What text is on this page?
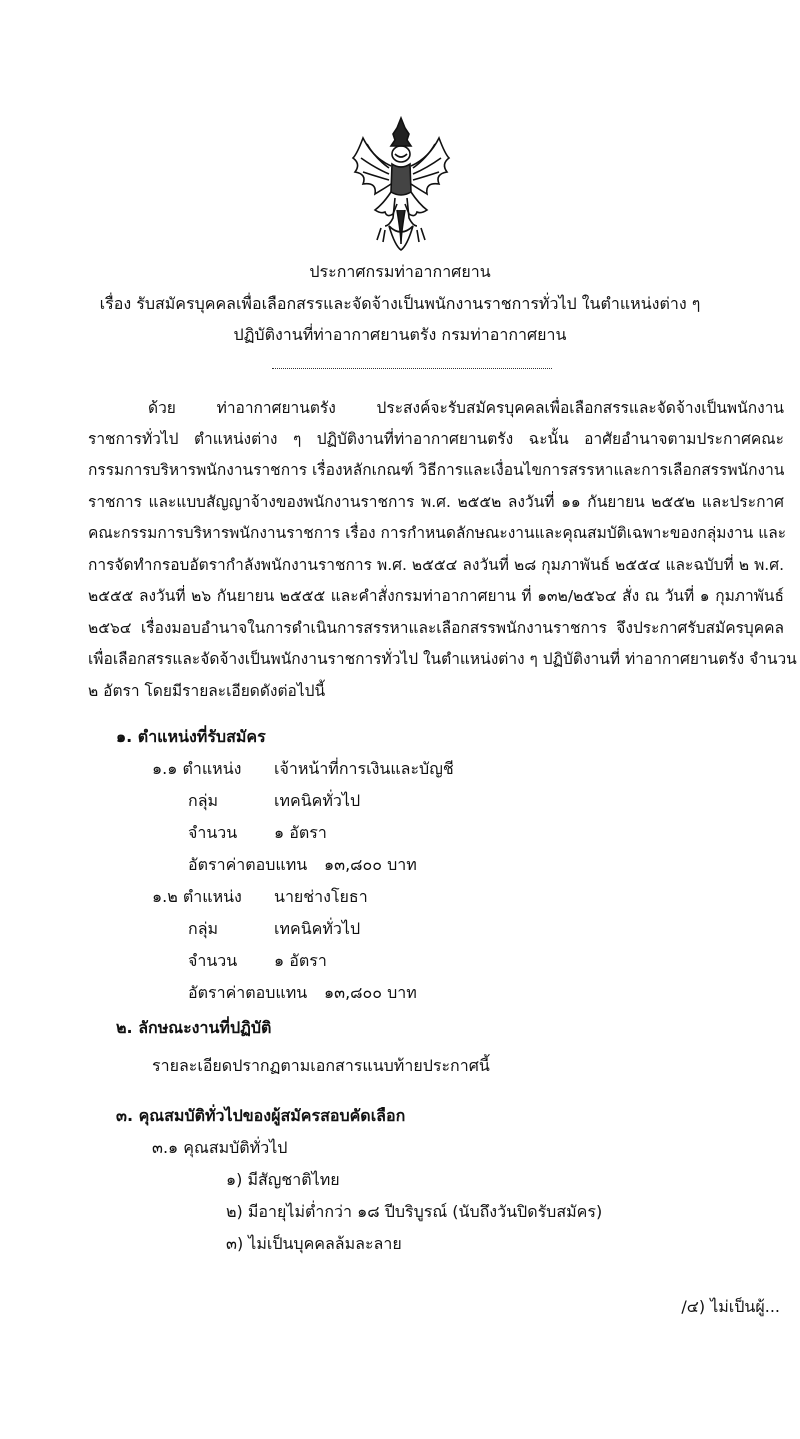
ประกาศกรมท่าอากาศยาน
เรื่อง รับสมัครบุคคลเพื่อเลือกสรรและจัดจ้างเป็นพนักงานราชการทั่วไป ในตำแหน่งต่าง ๆ
ปฏิบัติงานที่ท่าอากาศยานตรัง กรมท่าอากาศยาน
ด้วย ท่าอากาศยานตรัง ประสงค์จะรับสมัครบุคคลเพื่อเลือกสรรและจัดจ้างเป็นพนักงาน
ราชการทั่วไป ตำแหน่งต่าง ๆ ปฏิบัติงานที่ท่าอากาศยานตรัง ฉะนั้น อาศัยอำนาจตามประกาศคณะ
กรรมการบริหารพนักงานราชการ เรื่องหลักเกณฑ์ วิธีการและเงื่อนไขการสรรหาและการเลือกสรรพนักงาน
ราชการ และแบบสัญญาจ้างของพนักงานราชการ พ.ศ. ๒๕๕๒ ลงวันที่ ๑๑ กันยายน ๒๕๕๒ และประกาศ
คณะกรรมการบริหารพนักงานราชการ เรื่อง การกำหนดลักษณะงานและคุณสมบัติเฉพาะของกลุ่มงาน และ
การจัดทำกรอบอัตรากำลังพนักงานราชการ พ.ศ. ๒๕๕๔ ลงวันที่ ๒๘ กุมภาพันธ์ ๒๕๕๔ และฉบับที่ ๒ พ.ศ.
๒๕๕๕ ลงวันที่ ๒๖ กันยายน ๒๕๕๕ และคำสั่งกรมท่าอากาศยาน ที่ ๑๓๒/๒๕๖๔ สั่ง ณ วันที่ ๑ กุมภาพันธ์
๒๕๖๔ เรื่องมอบอำนาจในการดำเนินการสรรหาและเลือกสรรพนักงานราชการ จึงประกาศรับสมัครบุคคล
เพื่อเลือกสรรและจัดจ้างเป็นพนักงานราชการทั่วไป ในตำแหน่งต่าง ๆ ปฏิบัติงานที่ ท่าอากาศยานตรัง จำนวน
๒ อัตรา โดยมีรายละเอียดดังต่อไปนี้
๑. ตำแหน่งที่รับสมัคร
๑.๑ ตำแหน่ง เจ้าหน้าที่การเงินและบัญชี
กลุ่ม	เทคนิคทั่วไป
จำนวน ๑ อัตรา
อัตราค่าตอบแทน ๑๓,๘๐๐ บาท
๑.๒ ตำแหน่ง นายช่างโยธา
กลุ่ม	เทคนิคทั่วไป
จำนวน ๑ อัตรา
อัตราค่าตอบแทน ๑๓,๘๐๐ บาท
๒. ลักษณะงานที่ปฏิบัติ
รายละเอียดปรากฏตามเอกสารแนบท้ายประกาศนี้
๓. คุณสมบัติทั่วไปของผู้สมัครสอบคัดเลือก
๓.๑ คุณสมบัติทั่วไป
๑) มีสัญชาติไทย
๒) มีอายุไม่ต่ำกว่า ๑๘ ปีบริบูรณ์ (นับถึงวันปิดรับสมัคร)
๓) ไม่เป็นบุคคลล้มละลาย
/๔) ไม่เป็นผู้...
